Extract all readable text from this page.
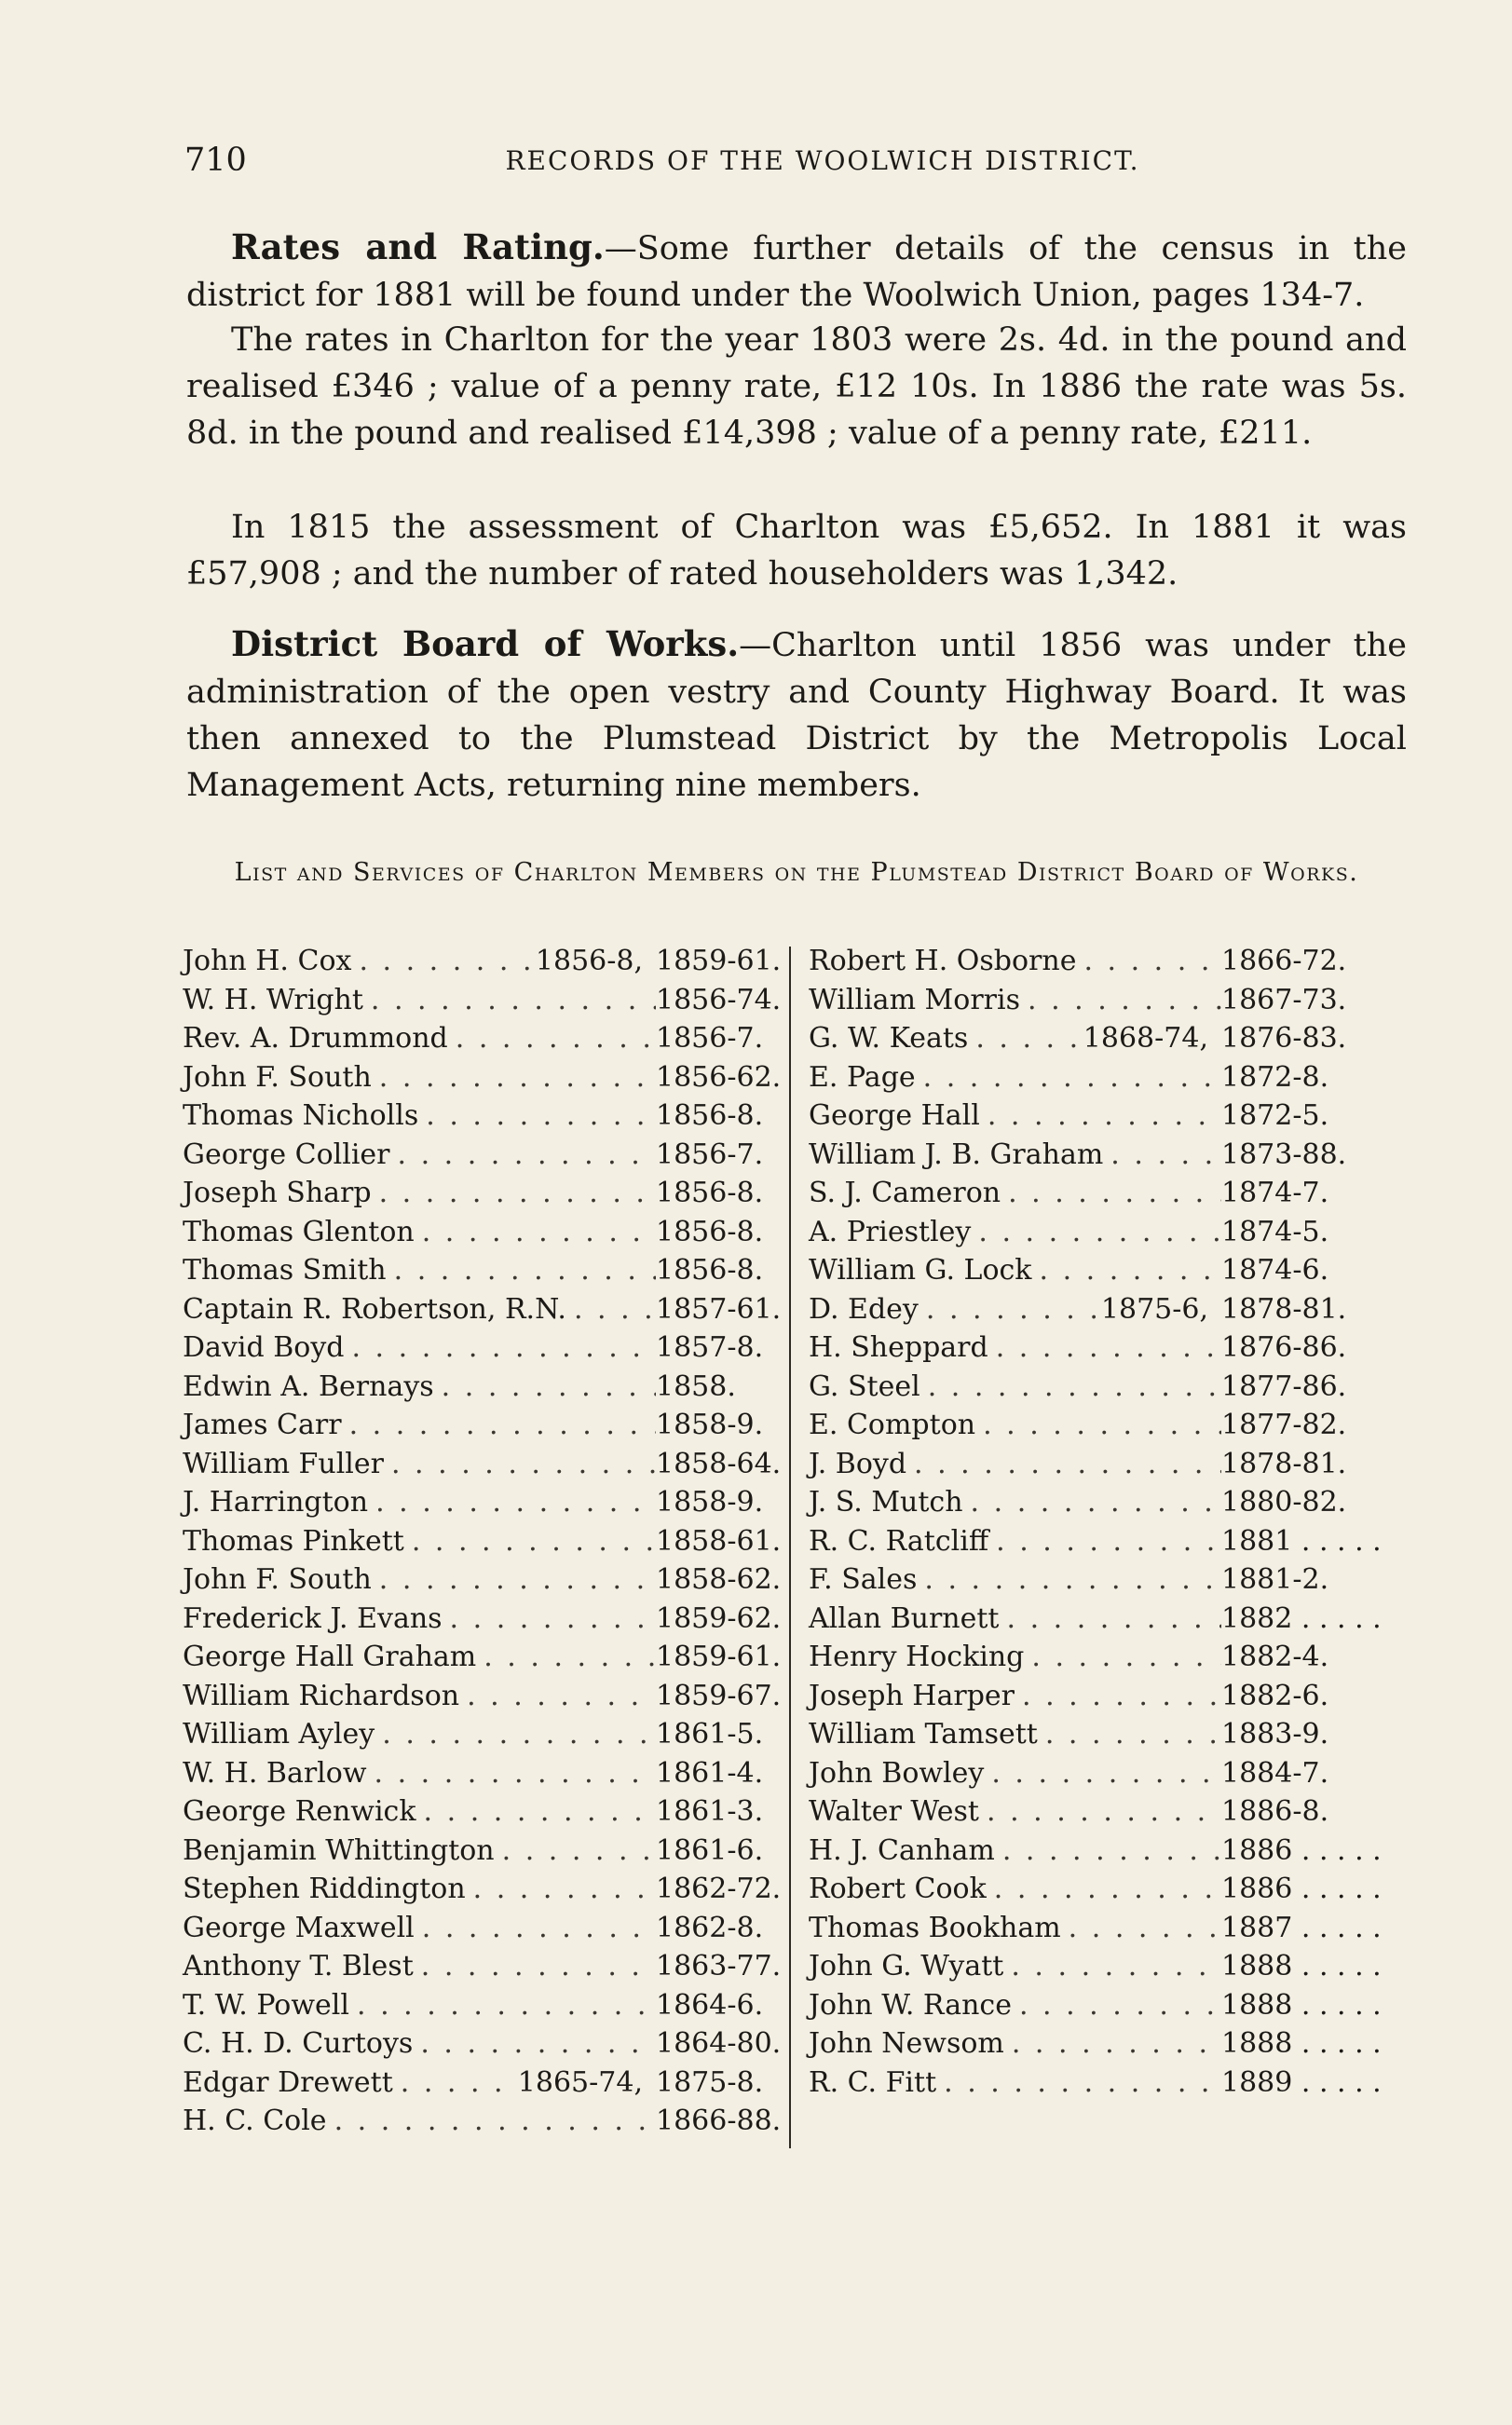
710	RECORDS OF THE WOOLWICH DISTRICT.

Rates and Rating.—Some further details of the census in the district for 1881 will be found under the Woolwich Union, pages 134-7.

The rates in Charlton for the year 1803 were 2s. 4d. in the pound and realised £346 ; value of a penny rate, £12 10s. In 1886 the rate was 5s. 8d. in the pound and realised £14,398 ; value of a penny rate, £211.

In 1815 the assessment of Charlton was £5,652. In 1881 it was £57,908 ; and the number of rated householders was 1,342.

District Board of Works.—Charlton until 1856 was under the administration of the open vestry and County Highway Board. It was then annexed to the Plumstead District by the Metropolis Local Management Acts, returning nine members.

List and Services of Charlton Members on the Plumstead District Board of Works.

John H. Cox . . .	1856-8, 1859-61.
W. H. Wright . . .	1856-74.
Rev. A. Drummond . . .	1856-7.
John F. South . . .	1856-62.
Thomas Nicholls . . .	1856-8.
George Collier . . .	1856-7.
Joseph Sharp . . .	1856-8.
Thomas Glenton . . .	1856-8.
Thomas Smith . . .	1856-8.
Captain R. Robertson, R.N. . . .	1857-61.
David Boyd . . .	1857-8.
Edwin A. Bernays . . .	1858.
James Carr . . .	1858-9.
William Fuller . . .	1858-64.
J. Harrington . . .	1858-9.
Thomas Pinkett . . .	1858-61.
John F. South . . .	1858-62.
Frederick J. Evans . . .	1859-62.
George Hall Graham . . .	1859-61.
William Richardson . . .	1859-67.
William Ayley . . .	1861-5.
W. H. Barlow . . .	1861-4.
George Renwick . . .	1861-3.
Benjamin Whittington . . .	1861-6.
Stephen Riddington . . .	1862-72.
George Maxwell . . .	1862-8.
Anthony T. Blest . . .	1863-77.
T. W. Powell . . .	1864-6.
C. H. D. Curtoys . . .	1864-80.
Edgar Drewett . . .	1865-74, 1875-8.
H. C. Cole . . .	1866-88.
Robert H. Osborne . . .	1866-72.
William Morris . . .	1867-73.
G. W. Keats . . .	1868-74, 1876-83.
E. Page . . .	1872-8.
George Hall . . .	1872-5.
William J. B. Graham . . .	1873-88.
S. J. Cameron . . .	1874-7.
A. Priestley . . .	1874-5.
William G. Lock . . .	1874-6.
D. Edey . . .	1875-6, 1878-81.
H. Sheppard . . .	1876-86.
G. Steel . . .	1877-86.
E. Compton . . .	1877-82.
J. Boyd . . .	1878-81.
J. S. Mutch . . .	1880-82.
R. C. Ratcliff . . .	1881 . . . . .
F. Sales . . .	1881-2.
Allan Burnett . . .	1882 . . . . .
Henry Hocking . . .	1882-4.
Joseph Harper . . .	1882-6.
William Tamsett . . .	1883-9.
John Bowley . . .	1884-7.
Walter West . . .	1886-8.
H. J. Canham . . .	1886 . . . . .
Robert Cook . . .	1886 . . . . .
Thomas Bookham . . .	1887 . . . . .
John G. Wyatt . . .	1888 . . . . .
John W. Rance . . .	1888 . . . . .
John Newsom . . .	1888 . . . . .
R. C. Fitt . . .	1889 . . . . .
